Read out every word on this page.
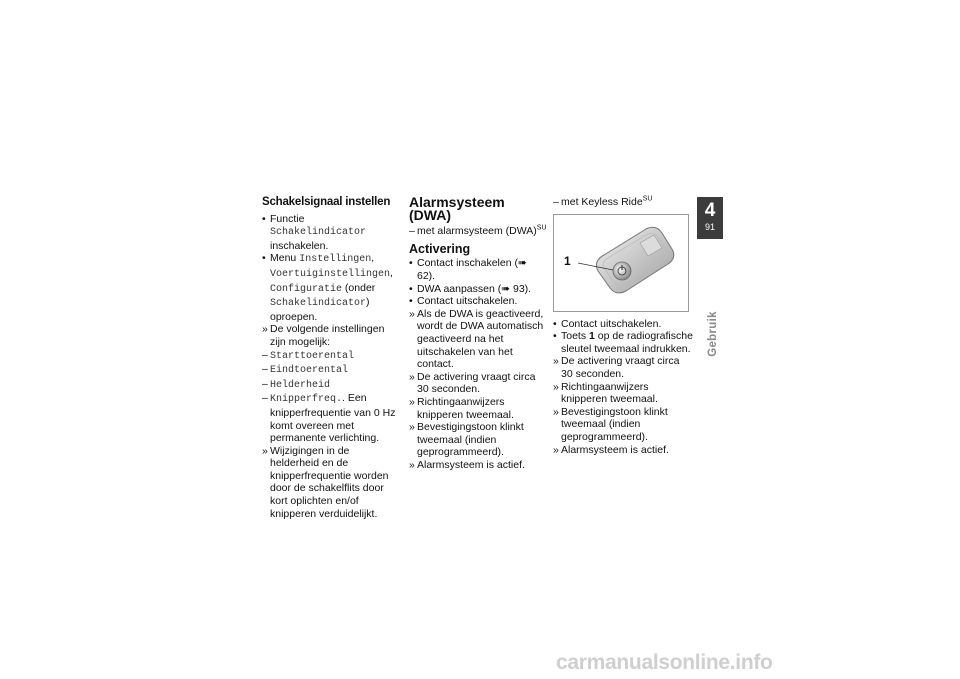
Schakelsignaal instellen
• Functie Schakelindicator inschakelen.
• Menu Instellingen, Voertuiginstellingen, Configuratie (onder Schakelindicator) oproepen.
» De volgende instellingen zijn mogelijk:
– Starttoerental
– Eindtoerental
– Helderheid
– Knipperfreq.. Een knipperfrequentie van 0 Hz komt overeen met permanente verlichting.
» Wijzigingen in de helderheid en de knipperfrequentie worden door de schakelflits door kort oplichten en/of knipperen verduidelijkt.
Alarmsysteem (DWA)
– met alarmsysteem (DWA)$^{SU}$
Activering
• Contact inschakelen (➠ 62).
• DWA aanpassen (➠ 93).
• Contact uitschakelen.
» Als de DWA is geactiveerd, wordt de DWA automatisch geactiveerd na het uitschakelen van het contact.
» De activering vraagt circa 30 seconden.
» Richtingaanwijzers knipperen tweemaal.
» Bevestigingstoon klinkt tweemaal (indien geprogrammeerd).
» Alarmsysteem is actief.
– met Keyless Ride$^{SU}$
1
• Contact uitschakelen.
• Toets 1 op de radiografische sleutel tweemaal indrukken.
» De activering vraagt circa 30 seconden.
» Richtingaanwijzers knipperen tweemaal.
» Bevestigingstoon klinkt tweemaal (indien geprogrammeerd).
» Alarmsysteem is actief.
4
91
Gebruik
carmanualsonline.info
